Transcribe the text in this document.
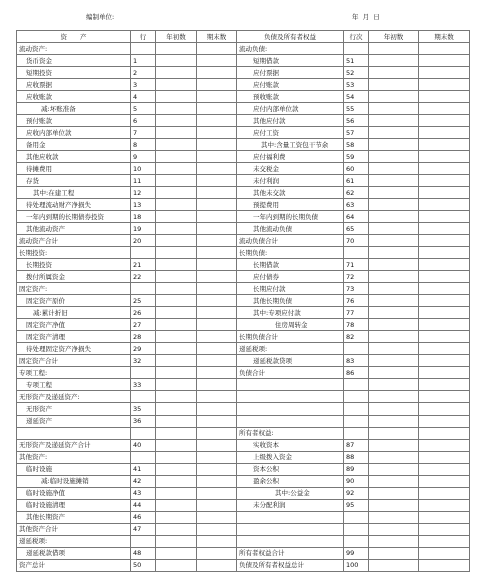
编制单位:	年  月  日
资　　产	行	年初数	期末数	负债及所有者权益	行次	年初数	期末数
流动资产:				流动负债:			
货币资金	1			短期借款	51		
短期投资	2			应付票据	52		
应收票据	3			应付账款	53		
应收账款	4			预收账款	54		
减:坏账准备	5			应付内部单位款	55		
预付账款	6			其他应付款	56		
应收内部单位款	7			应付工资	57		
备用金	8			其中:含量工资包干节余	58		
其他应收款	9			应付福利费	59		
待摊费用	10			未交税金	60		
存货	11			未付利润	61		
其中:在建工程	12			其他未交款	62		
待处理流动财产净损失	13			预提费用	63		
一年内到期的长期债券投资	18			一年内到期的长期负债	64		
其他流动资产	19			其他流动负债	65		
流动资产合计	20			流动负债合计	70		
长期投资:				长期负债:			
长期投资	21			长期借款	71		
拨付所属资金	22			应付债券	72		
固定资产:				长期应付款	73		
固定资产原价	25			其他长期负债	76		
减:累计折旧	26			其中:专项应付款	77		
固定资产净值	27			住房周转金	78		
固定资产清理	28			长期负债合计	82		
待处理固定资产净损失	29			递延税项:			
固定资产合计	32			递延税款贷项	83		
专项工程:				负债合计	86		
专项工程	33						
无形资产及递延资产:							
无形资产	35						
递延资产	36						
				所有者权益:			
无形资产及递延资产合计	40			实收资本	87		
其他资产:				上级拨入资金	88		
临时设施	41			资本公积	89		
减:临时设施摊销	42			盈余公积	90		
临时设施净值	43			其中:公益金	92		
临时设施清理	44			未分配利润	95		
其他长期资产	46						
其他资产合计	47						
递延税项:							
递延税款借项	48			所有者权益合计	99		
资产总计	50			负债及所有者权益总计	100		
